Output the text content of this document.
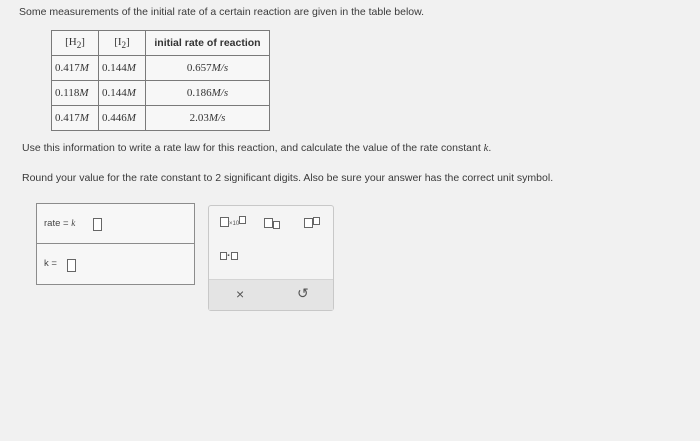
Some measurements of the initial rate of a certain reaction are given in the table below.
$[H_2]$	$[I_2]$	initial rate of reaction
0.417M	0.144M	0.657M/s
0.118M	0.144M	0.186M/s
0.417M	0.446M	2.03M/s
Use this information to write a rate law for this reaction, and calculate the value of the rate constant k.
Round your value for the rate constant to 2 significant digits. Also be sure your answer has the correct unit symbol.
rate = k
k =
×10
·
×	↺
